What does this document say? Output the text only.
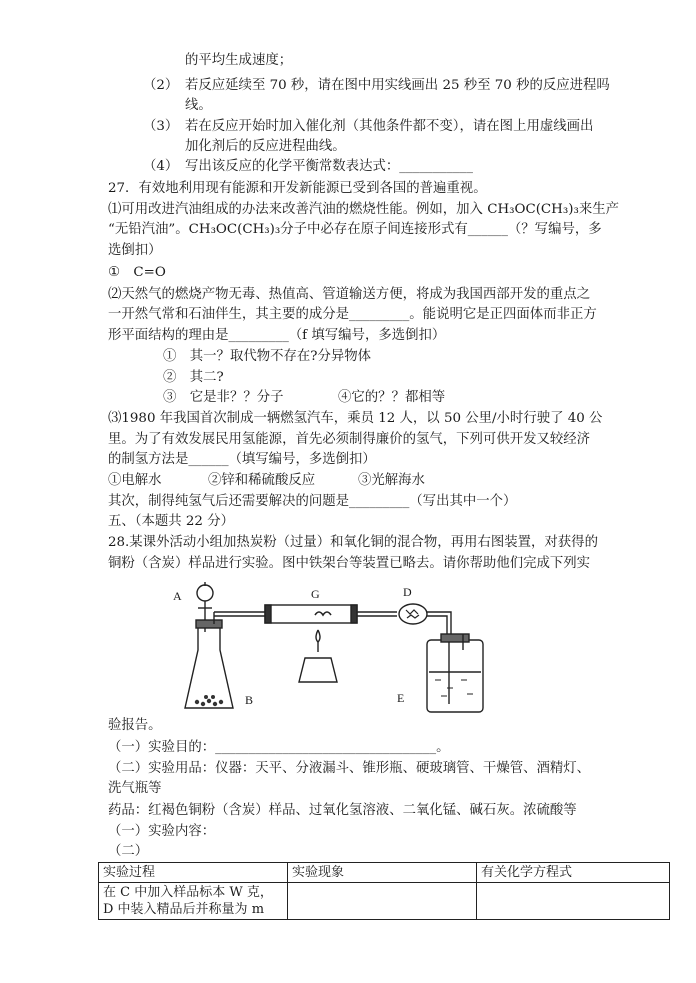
的平均生成速度；
（2） 若反应延续至 70 秒，请在图中用实线画出 25 秒至 70 秒的反应进程吗
线。
（3） 若在反应开始时加入催化剂（其他条件都不变），请在图上用虚线画出
加化剂后的反应进程曲线。
（4） 写出该反应的化学平衡常数表达式：___________
27．有效地利用现有能源和开发新能源已受到各国的普遍重视。
⑴可用改进汽油组成的办法来改善汽油的燃烧性能。例如，加入 CH₃OC(CH₃)₃来生产
“无铅汽油”。CH₃OC(CH₃)₃分子中必存在原子间连接形式有______（？写编号，多
选倒扣）
①　C=O
⑵天然气的燃烧产物无毒、热值高、管道输送方便，将成为我国西部开发的重点之
一开然气常和石油伴生，其主要的成分是_________。能说明它是正四面体而非正方
形平面结构的理由是_________（f 填写编号，多选倒扣）
①　其一？取代物不存在?分异物体
②　其二?
③　它是非？？分子	④它的？？都相等
⑶1980 年我国首次制成一辆燃氢汽车，乘员 12 人，以 50 公里/小时行驶了 40 公
里。为了有效发展民用氢能源，首先必须制得廉价的氢气，下列可供开发又较经济
的制氢方法是______（填写编号，多选倒扣）
①电解水	②锌和稀硫酸反应	③光解海水
其次，制得纯氢气后还需要解决的问题是_________（写出其中一个）
五、（本题共 22 分）
28.某课外活动小组加热炭粉（过量）和氧化铜的混合物，再用右图装置，对获得的
铜粉（含炭）样品进行实验。图中铁架台等装置已略去。请你帮助他们完成下列实
A
B
G	D
E
验报告。
（一）实验目的：_________________________________。
（二）实验用品：仪器：天平、分液漏斗、锥形瓶、硬玻璃管、干燥管、酒精灯、
洗气瓶等
药品：红褐色铜粉（含炭）样品、过氧化氢溶液、二氧化锰、碱石灰。浓硫酸等
（一）实验内容：
（二）
实验过程	实验现象	有关化学方程式

在 C 中加入样品标本 W 克，
D 中装入精品后并称量为 m		
